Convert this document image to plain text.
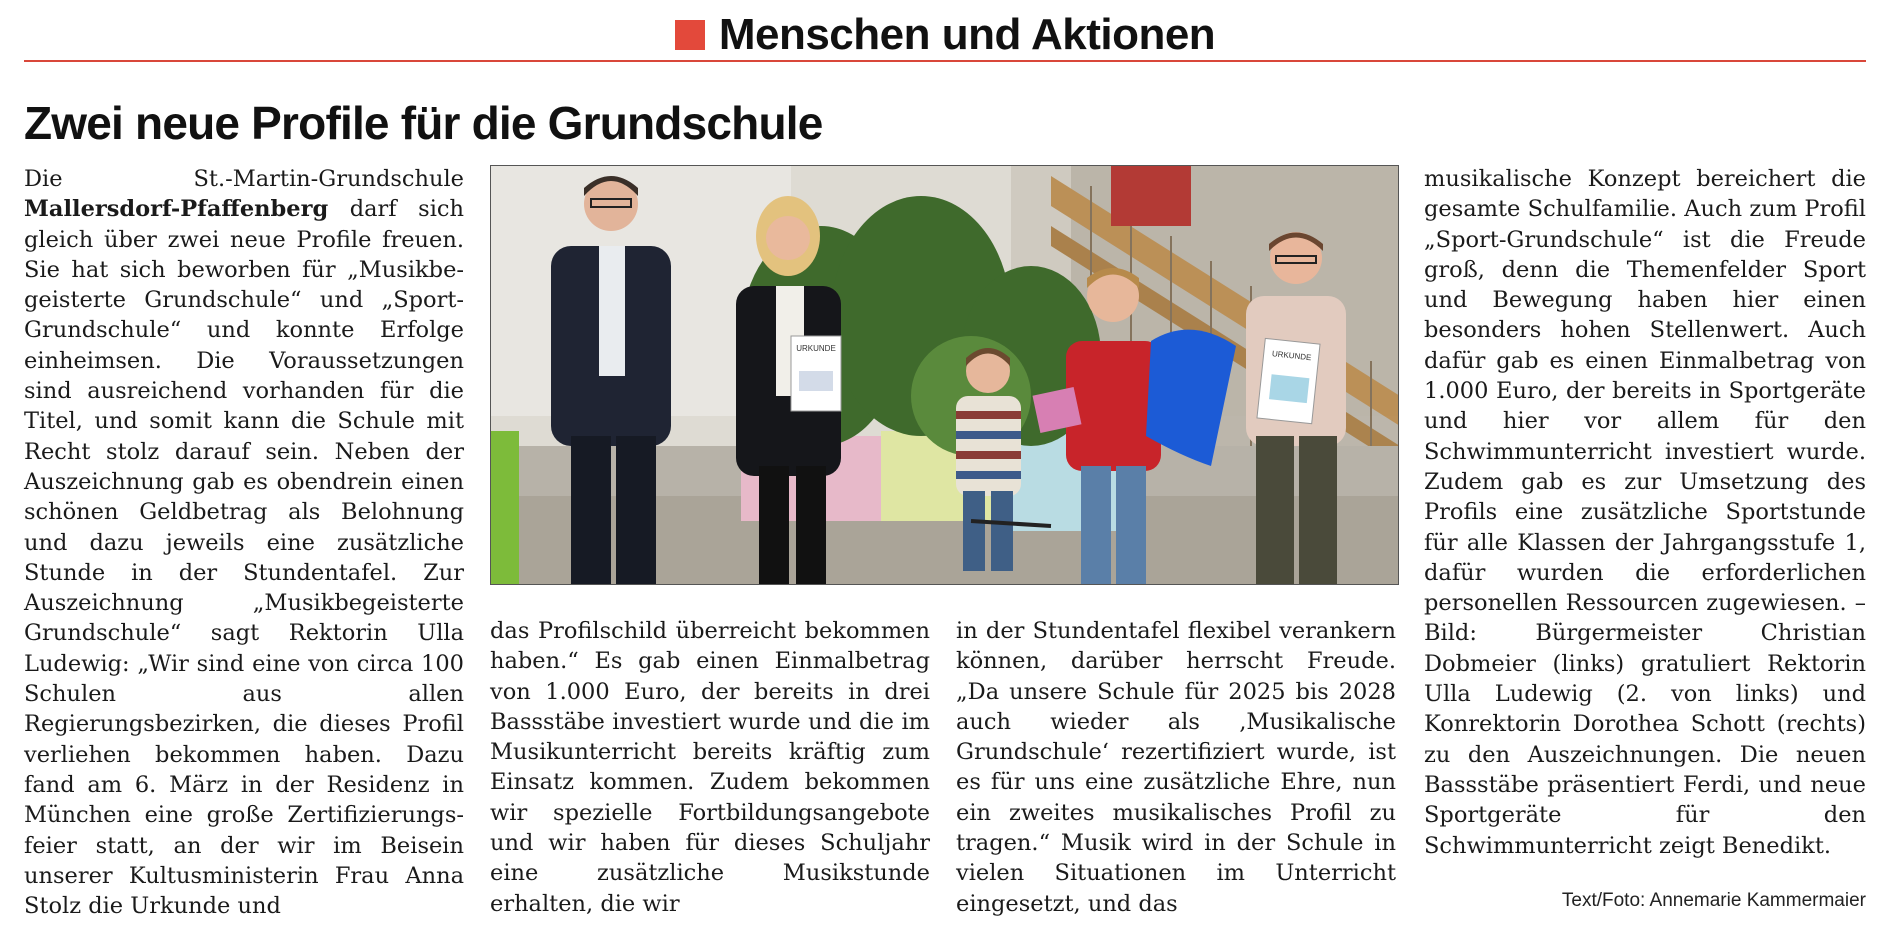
Menschen und Aktionen
Zwei neue Profile für die Grundschule

Die St.-Martin-Grundschule Mallersdorf-Pfaffenberg darf sich gleich über zwei neue Profile freuen. Sie hat sich beworben für „Musikbegeisterte Grundschule“ und „Sport-Grundschule“ und konnte Erfolge einheimsen. Die Voraussetzungen sind ausreichend vorhanden für die Titel, und somit kann die Schule mit Recht stolz darauf sein. Neben der Auszeichnung gab es obendrein einen schönen Geldbetrag als Belohnung und dazu jeweils eine zusätzliche Stunde in der Stundentafel. Zur Auszeichnung „Musikbegeisterte Grundschule“ sagt Rektorin Ulla Ludewig: „Wir sind eine von circa 100 Schulen aus allen Regierungsbezirken, die dieses Profil verliehen bekommen haben. Dazu fand am 6. März in der Residenz in München eine große Zertifizierungsfeier statt, an der wir im Beisein unserer Kultusministerin Frau Anna Stolz die Urkunde und

URKUNDE
URKUNDE

das Profilschild überreicht bekommen haben.“ Es gab einen Einmalbetrag von 1.000 Euro, der bereits in drei Bassstäbe investiert wurde und die im Musikunterricht bereits kräftig zum Einsatz kommen. Zudem bekommen wir spezielle Fortbildungsangebote und wir haben für dieses Schuljahr eine zusätzliche Musikstunde erhalten, die wir

in der Stundentafel flexibel verankern können, darüber herrscht Freude. „Da unsere Schule für 2025 bis 2028 auch wieder als ‚Musikalische Grundschule‘ rezertifiziert wurde, ist es für uns eine zusätzliche Ehre, nun ein zweites musikalisches Profil zu tragen.“ Musik wird in der Schule in vielen Situationen im Unterricht eingesetzt, und das

musikalische Konzept bereichert die gesamte Schulfamilie. Auch zum Profil „Sport-Grundschule“ ist die Freude groß, denn die Themenfelder Sport und Bewegung haben hier einen besonders hohen Stellenwert. Auch dafür gab es einen Einmalbetrag von 1.000 Euro, der bereits in Sportgeräte und hier vor allem für den Schwimmunterricht investiert wurde. Zudem gab es zur Umsetzung des Profils eine zusätzliche Sportstunde für alle Klassen der Jahrgangsstufe 1, dafür wurden die erforderlichen personellen Ressourcen zugewiesen. – Bild: Bürgermeister Christian Dobmeier (links) gratuliert Rektorin Ulla Ludewig (2. von links) und Konrektorin Dorothea Schott (rechts) zu den Auszeichnungen. Die neuen Bassstäbe präsentiert Ferdi, und neue Sportgeräte für den Schwimmunterricht zeigt Benedikt.

Text/Foto: Annemarie Kammermaier
